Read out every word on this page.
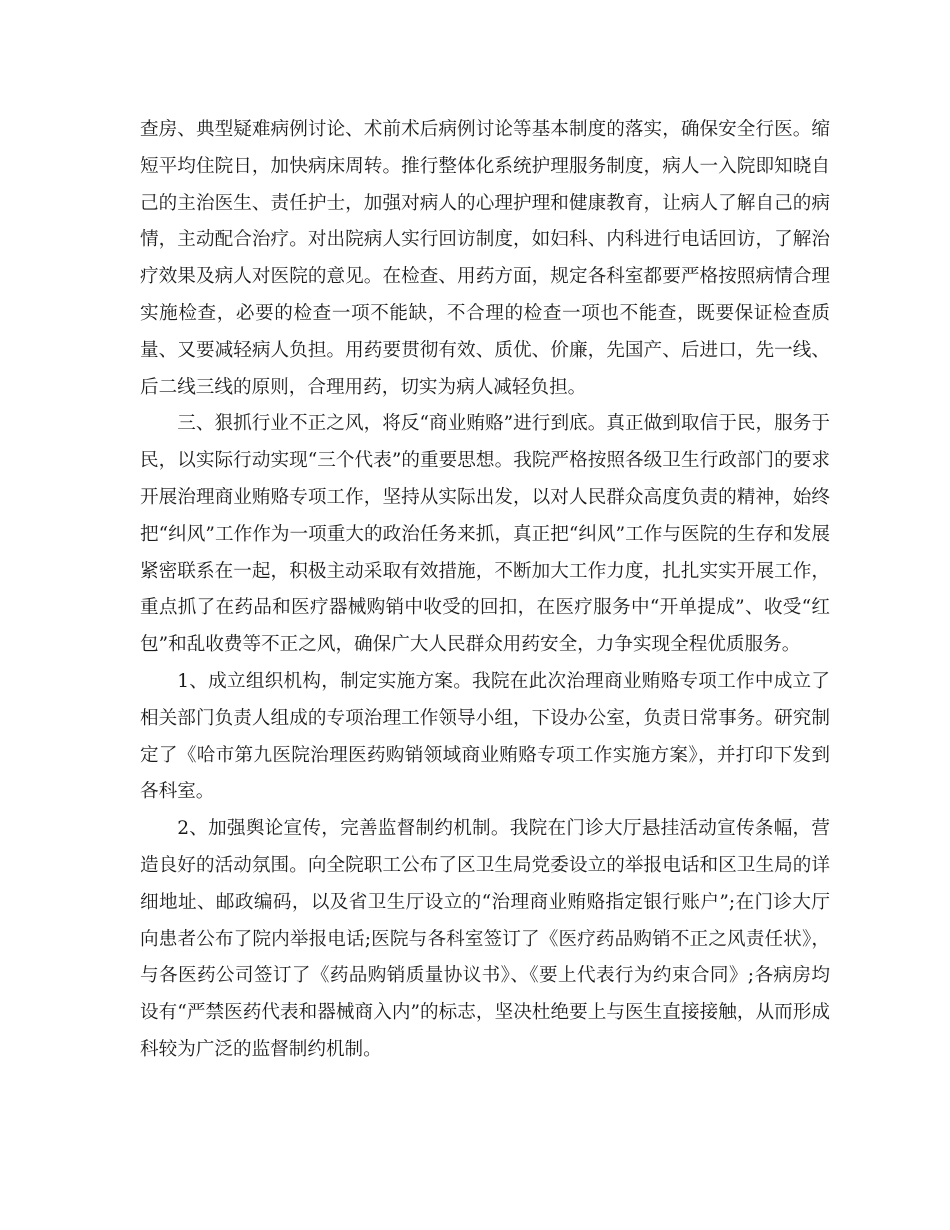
查房、典型疑难病例讨论、术前术后病例讨论等基本制度的落实，确保安全行医。缩短平均住院日，加快病床周转。推行整体化系统护理服务制度，病人一入院即知晓自己的主治医生、责任护士，加强对病人的心理护理和健康教育，让病人了解自己的病情，主动配合治疗。对出院病人实行回访制度，如妇科、内科进行电话回访，了解治疗效果及病人对医院的意见。在检查、用药方面，规定各科室都要严格按照病情合理实施检查，必要的检查一项不能缺，不合理的检查一项也不能查，既要保证检查质量、又要减轻病人负担。用药要贯彻有效、质优、价廉，先国产、后进口，先一线、后二线三线的原则，合理用药，切实为病人减轻负担。

三、狠抓行业不正之风，将反“商业贿赂”进行到底。真正做到取信于民，服务于民，以实际行动实现“三个代表”的重要思想。我院严格按照各级卫生行政部门的要求开展治理商业贿赂专项工作，坚持从实际出发，以对人民群众高度负责的精神，始终把“纠风”工作作为一项重大的政治任务来抓，真正把“纠风”工作与医院的生存和发展紧密联系在一起，积极主动采取有效措施，不断加大工作力度，扎扎实实开展工作，重点抓了在药品和医疗器械购销中收受的回扣，在医疗服务中“开单提成”、收受“红包”和乱收费等不正之风，确保广大人民群众用药安全，力争实现全程优质服务。

1、成立组织机构，制定实施方案。我院在此次治理商业贿赂专项工作中成立了相关部门负责人组成的专项治理工作领导小组，下设办公室，负责日常事务。研究制定了《哈市第九医院治理医药购销领域商业贿赂专项工作实施方案》，并打印下发到各科室。

2、加强舆论宣传，完善监督制约机制。我院在门诊大厅悬挂活动宣传条幅，营造良好的活动氛围。向全院职工公布了区卫生局党委设立的举报电话和区卫生局的详细地址、邮政编码，以及省卫生厅设立的“治理商业贿赂指定银行账户”;在门诊大厅向患者公布了院内举报电话;医院与各科室签订了《医疗药品购销不正之风责任状》，与各医药公司签订了《药品购销质量协议书》、《要上代表行为约束合同》;各病房均设有“严禁医药代表和器械商入内”的标志，坚决杜绝要上与医生直接接触，从而形成科较为广泛的监督制约机制。
